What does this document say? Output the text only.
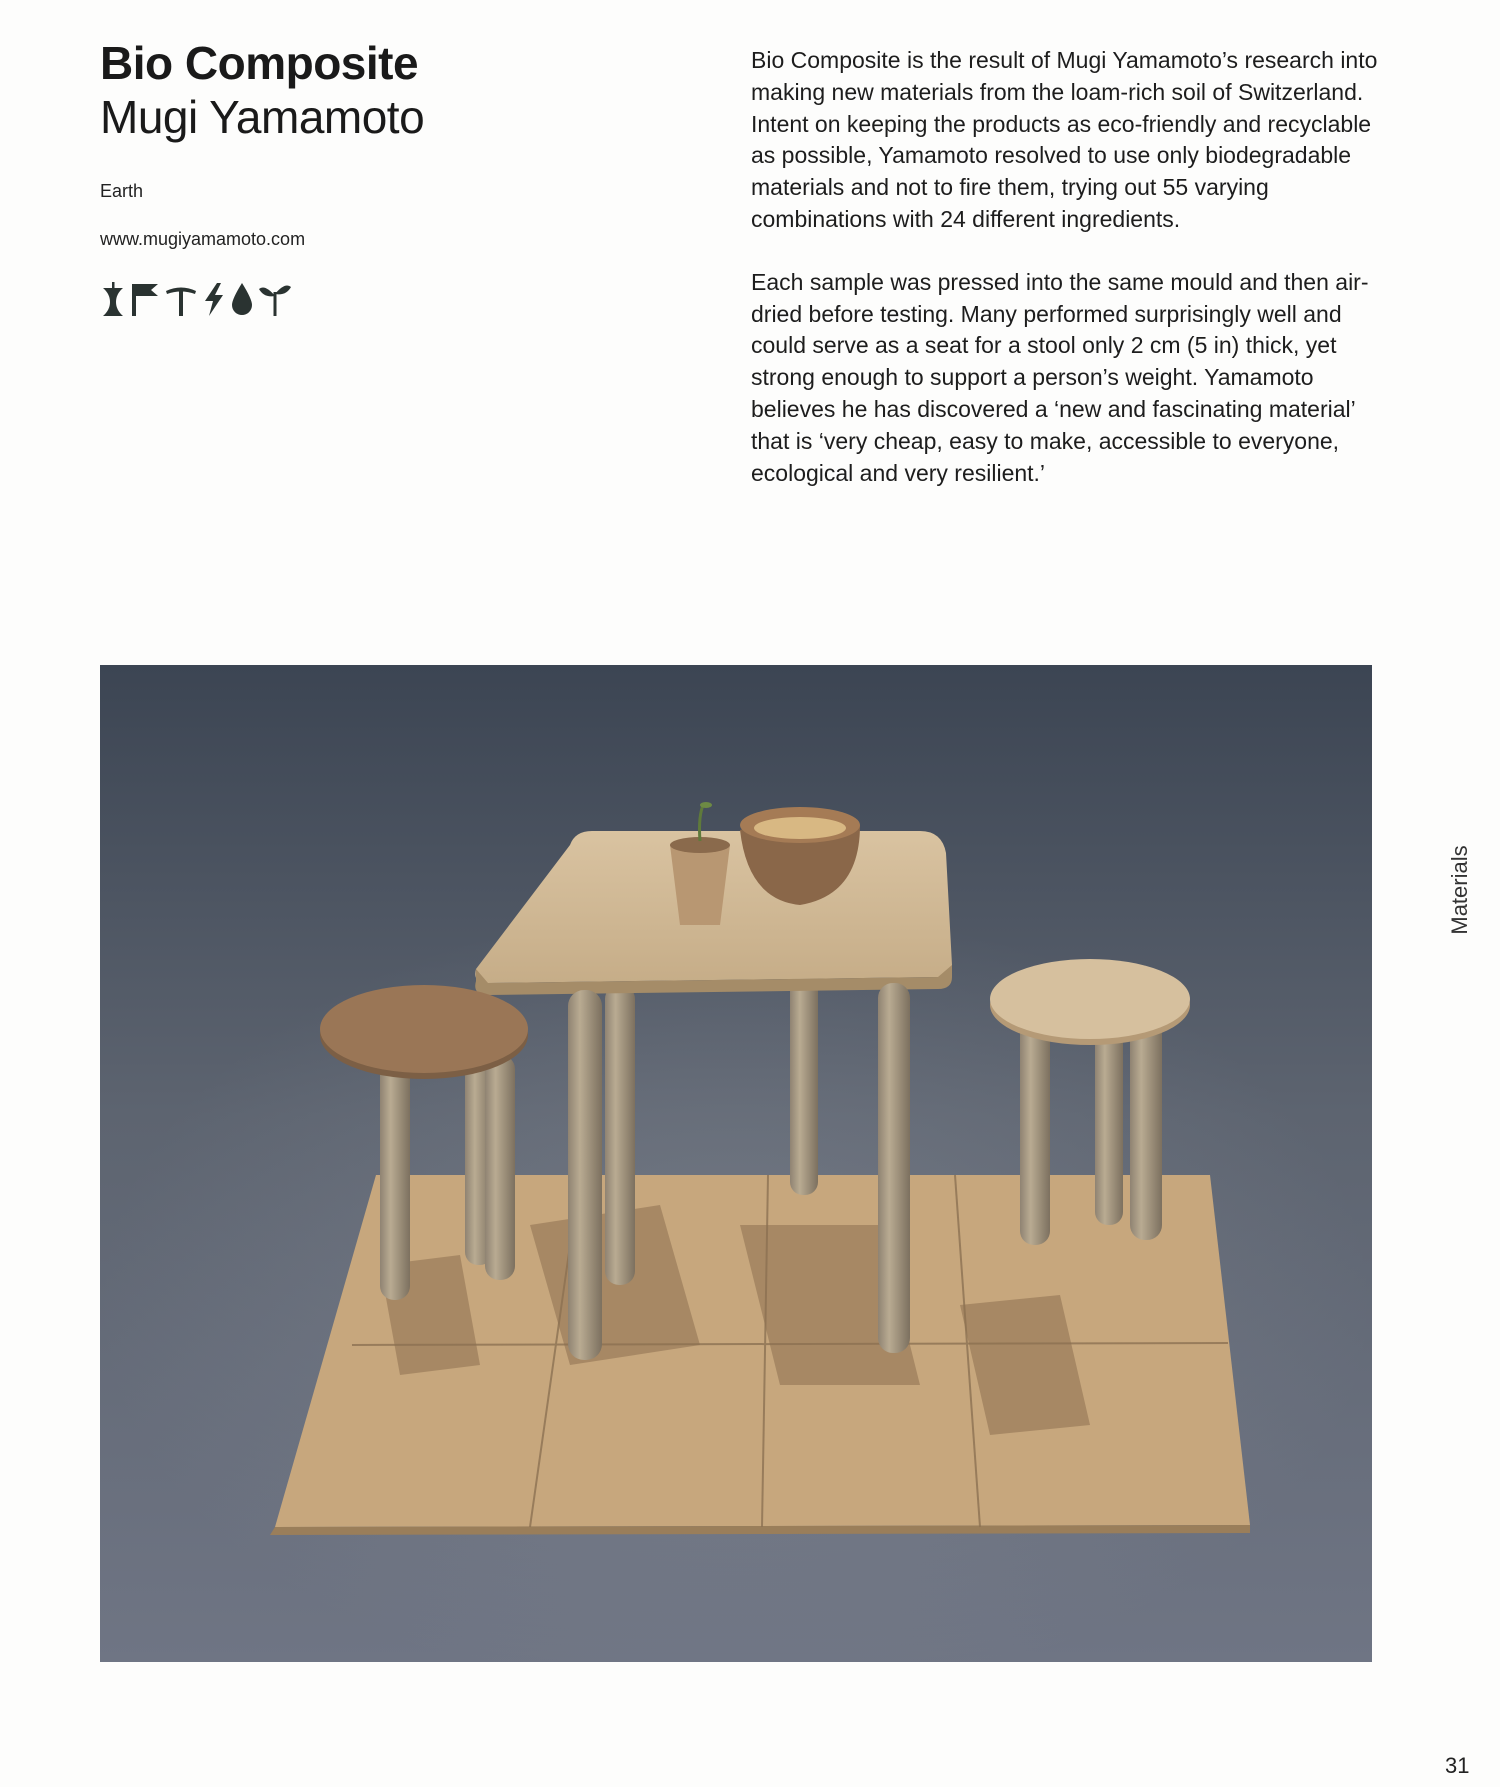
Bio Composite
Mugi Yamamoto
Earth
www.mugiyamamoto.com

Bio Composite is the result of Mugi Yamamoto’s research into making new materials from the loam-rich soil of Switzerland. Intent on keeping the products as eco-friendly and recyclable as possible, Yamamoto resolved to use only biodegradable materials and not to fire them, trying out 55 varying combinations with 24 different ingredients.

Each sample was pressed into the same mould and then air-dried before testing. Many performed surprisingly well and could serve as a seat for a stool only 2 cm (5 in) thick, yet strong enough to support a person’s weight. Yamamoto believes he has discovered a ‘new and fascinating material’ that is ‘very cheap, easy to make, accessible to everyone, ecological and very resilient.’

Materials
31
